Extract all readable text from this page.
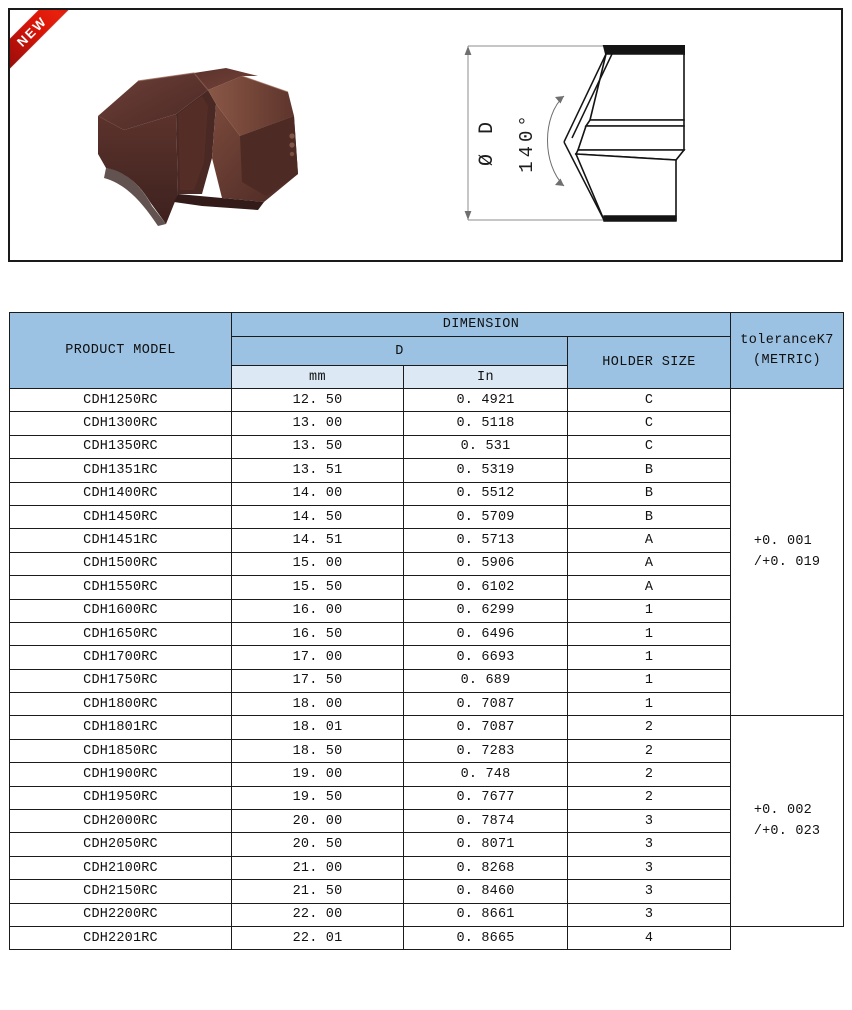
NEW
Ø D 140°
PRODUCT MODEL	DIMENSION			toleranceK7
(METRIC)

	D		HOLDER SIZE	
	mm	In		
CDH1250RC	12. 50	0. 4921	C	+0. 001
/+0. 019

CDH1300RC	13. 00	0. 5118	C	
CDH1350RC	13. 50	0. 531	C	
CDH1351RC	13. 51	0. 5319	B	
CDH1400RC	14. 00	0. 5512	B	
CDH1450RC	14. 50	0. 5709	B	
CDH1451RC	14. 51	0. 5713	A	
CDH1500RC	15. 00	0. 5906	A	
CDH1550RC	15. 50	0. 6102	A	
CDH1600RC	16. 00	0. 6299	1	
CDH1650RC	16. 50	0. 6496	1	
CDH1700RC	17. 00	0. 6693	1	
CDH1750RC	17. 50	0. 689	1	
CDH1800RC	18. 00	0. 7087	1	
CDH1801RC	18. 01	0. 7087	2	+0. 002
/+0. 023

CDH1850RC	18. 50	0. 7283	2	
CDH1900RC	19. 00	0. 748	2	
CDH1950RC	19. 50	0. 7677	2	
CDH2000RC	20. 00	0. 7874	3	
CDH2050RC	20. 50	0. 8071	3	
CDH2100RC	21. 00	0. 8268	3	
CDH2150RC	21. 50	0. 8460	3	
CDH2200RC	22. 00	0. 8661	3	
CDH2201RC	22. 01	0. 8665	4	
